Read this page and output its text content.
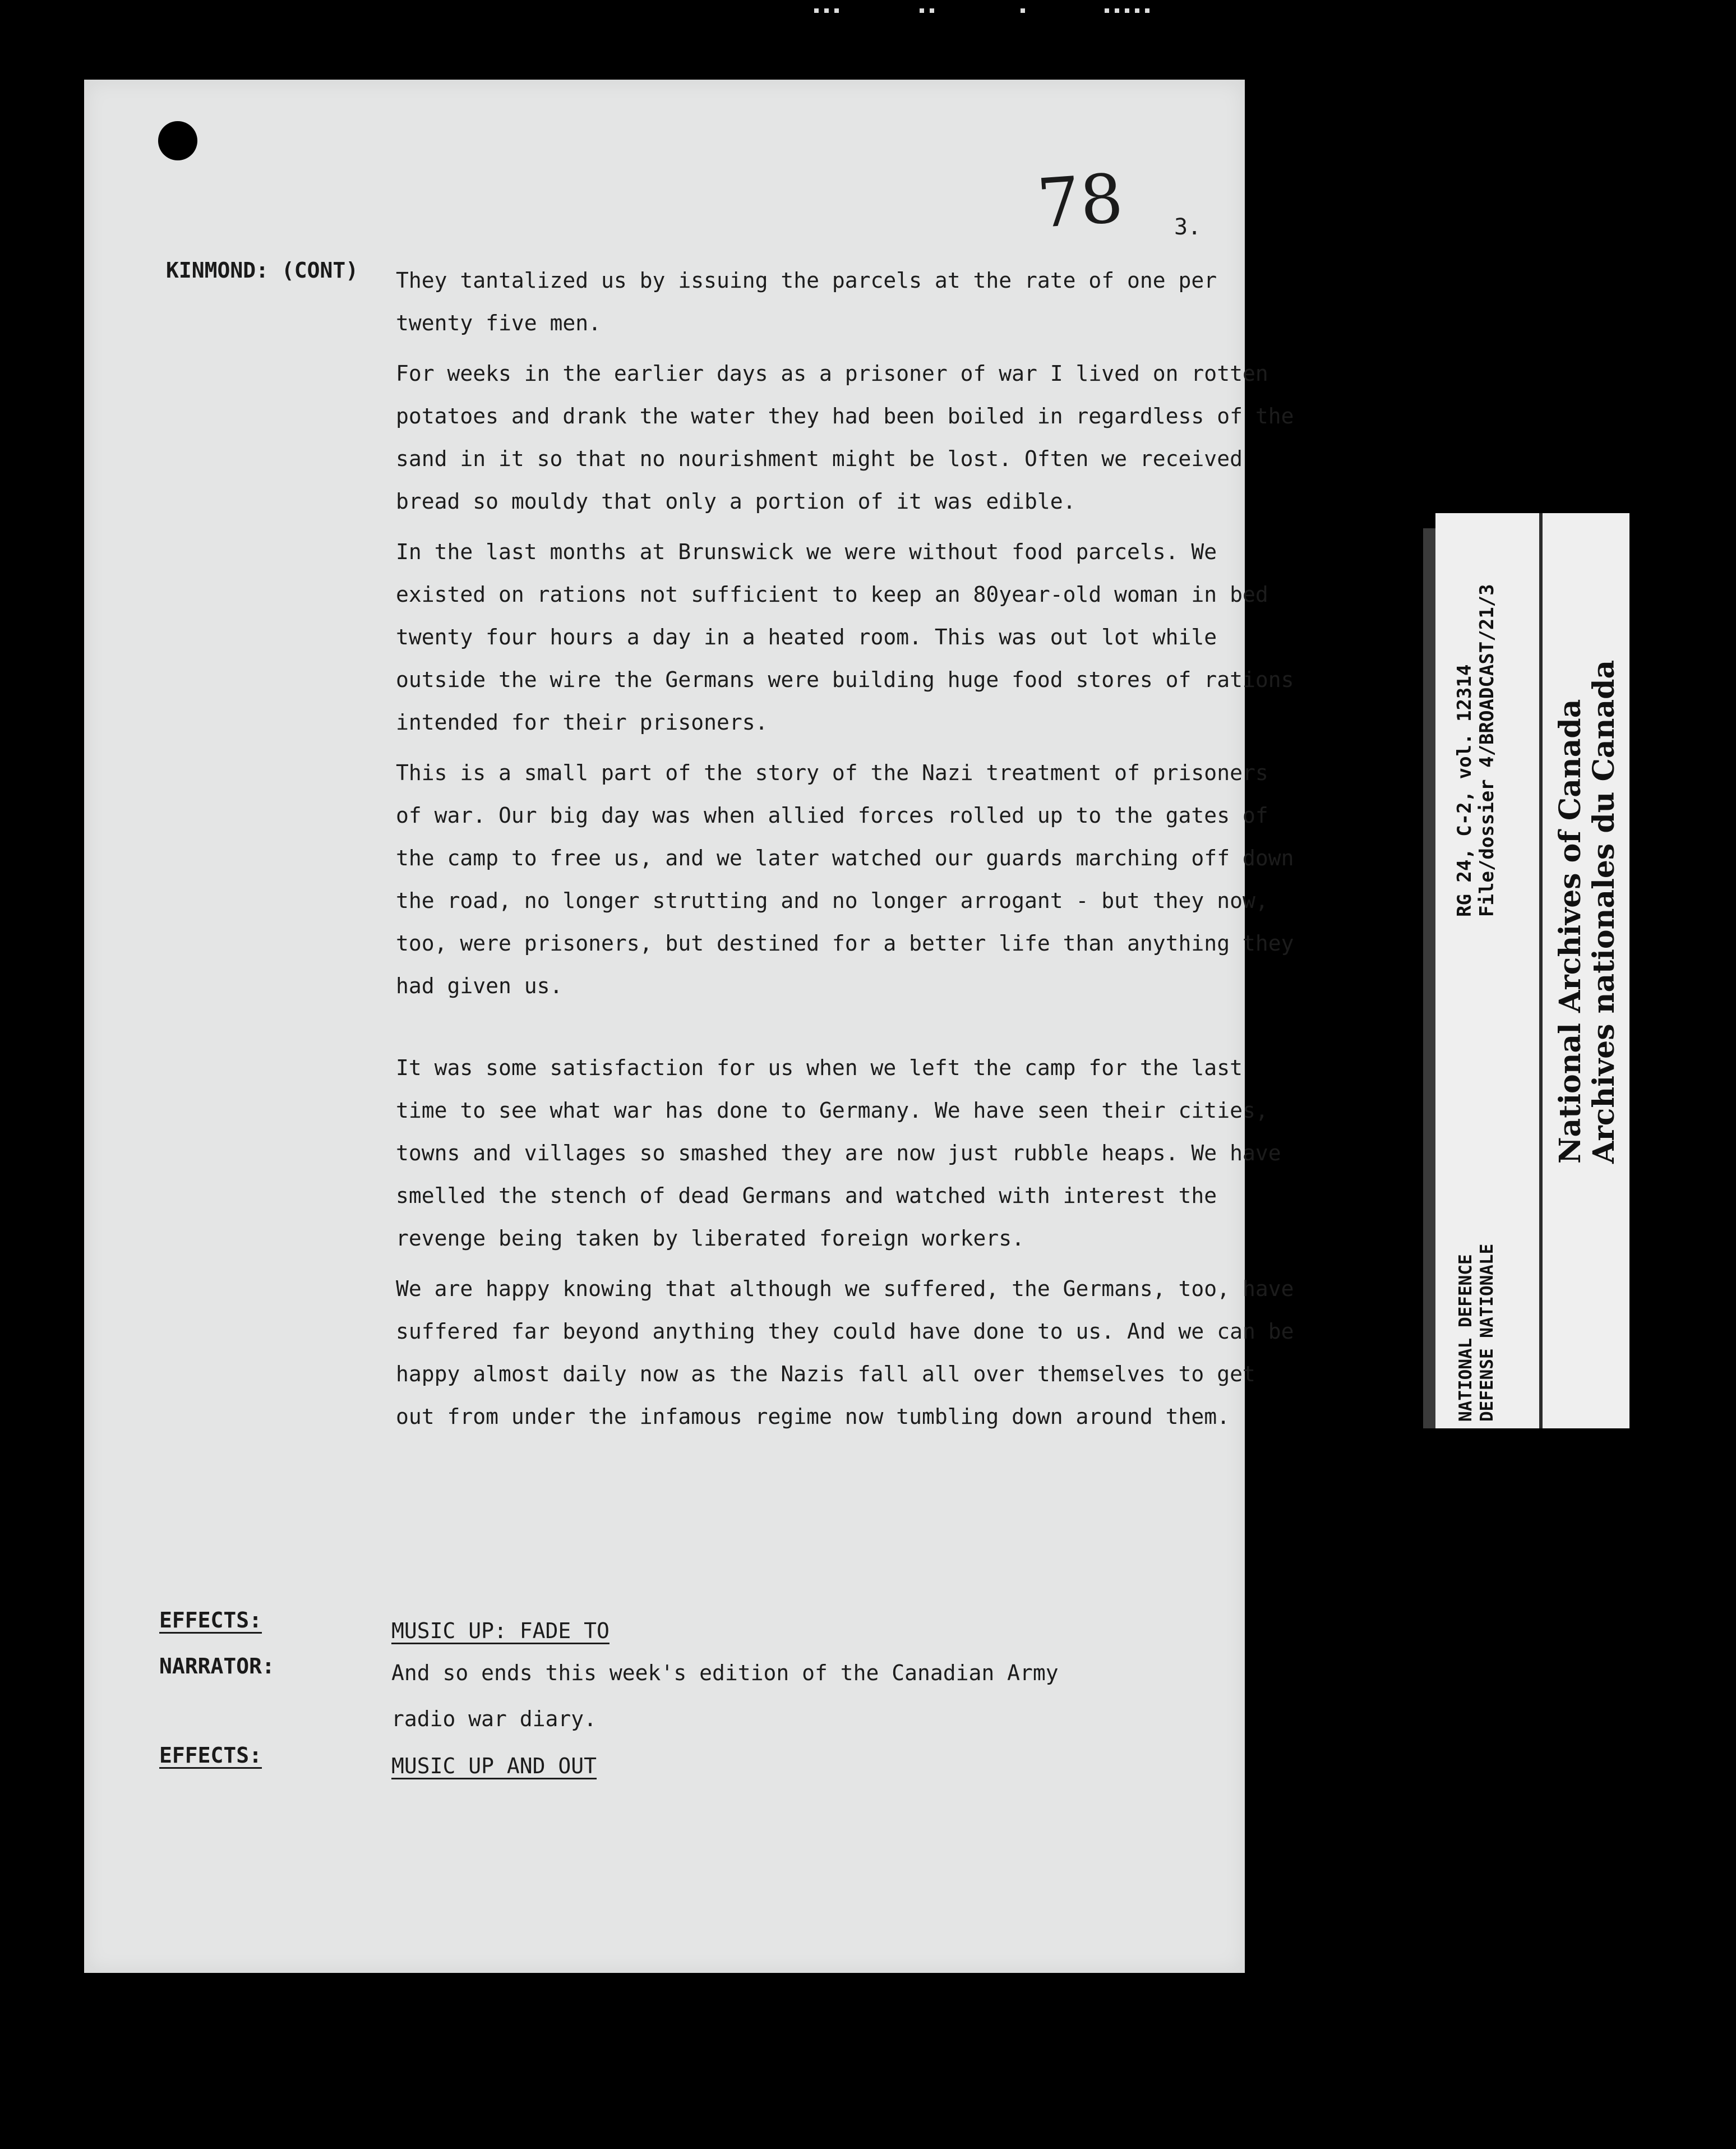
78 3.
KINMOND: (CONT) They tantalized us by issuing the parcels at the rate of one per twenty five men.

For weeks in the earlier days as a prisoner of war I lived on rotten potatoes and drank the water they had been boiled in regardless of the sand in it so that no nourishment might be lost. Often we received bread so mouldy that only a portion of it was edible.

In the last months at Brunswick we were without food parcels. We existed on rations not sufficient to keep an 80year-old woman in bed twenty four hours a day in a heated room. This was out lot while outside the wire the Germans were building huge food stores of rations intended for their prisoners.

This is a small part of the story of the Nazi treatment of prisoners of war. Our big day was when allied forces rolled up to the gates of the camp to free us, and we later watched our guards marching off down the road, no longer strutting and no longer arrogant - but they now, too, were prisoners, but destined for a better life than anything they had given us.

It was some satisfaction for us when we left the camp for the last time to see what war has done to Germany. We have seen their cities, towns and villages so smashed they are now just rubble heaps. We have smelled the stench of dead Germans and watched with interest the revenge being taken by liberated foreign workers.

We are happy knowing that although we suffered, the Germans, too, have suffered far beyond anything they could have done to us. And we can be happy almost daily now as the Nazis fall all over themselves to get out from under the infamous regime now tumbling down around them.

EFFECTS:	MUSIC UP: FADE TO
NARRATOR:	And so ends this week's edition of the Canadian Army radio war diary.
EFFECTS:	MUSIC UP AND OUT
RG 24, C-2, vol. 12314 File/dossier 4/BROADCAST/21/3
NATIONAL DEFENCE DEFENSE NATIONALE
National Archives of Canada Archives nationales du Canada
